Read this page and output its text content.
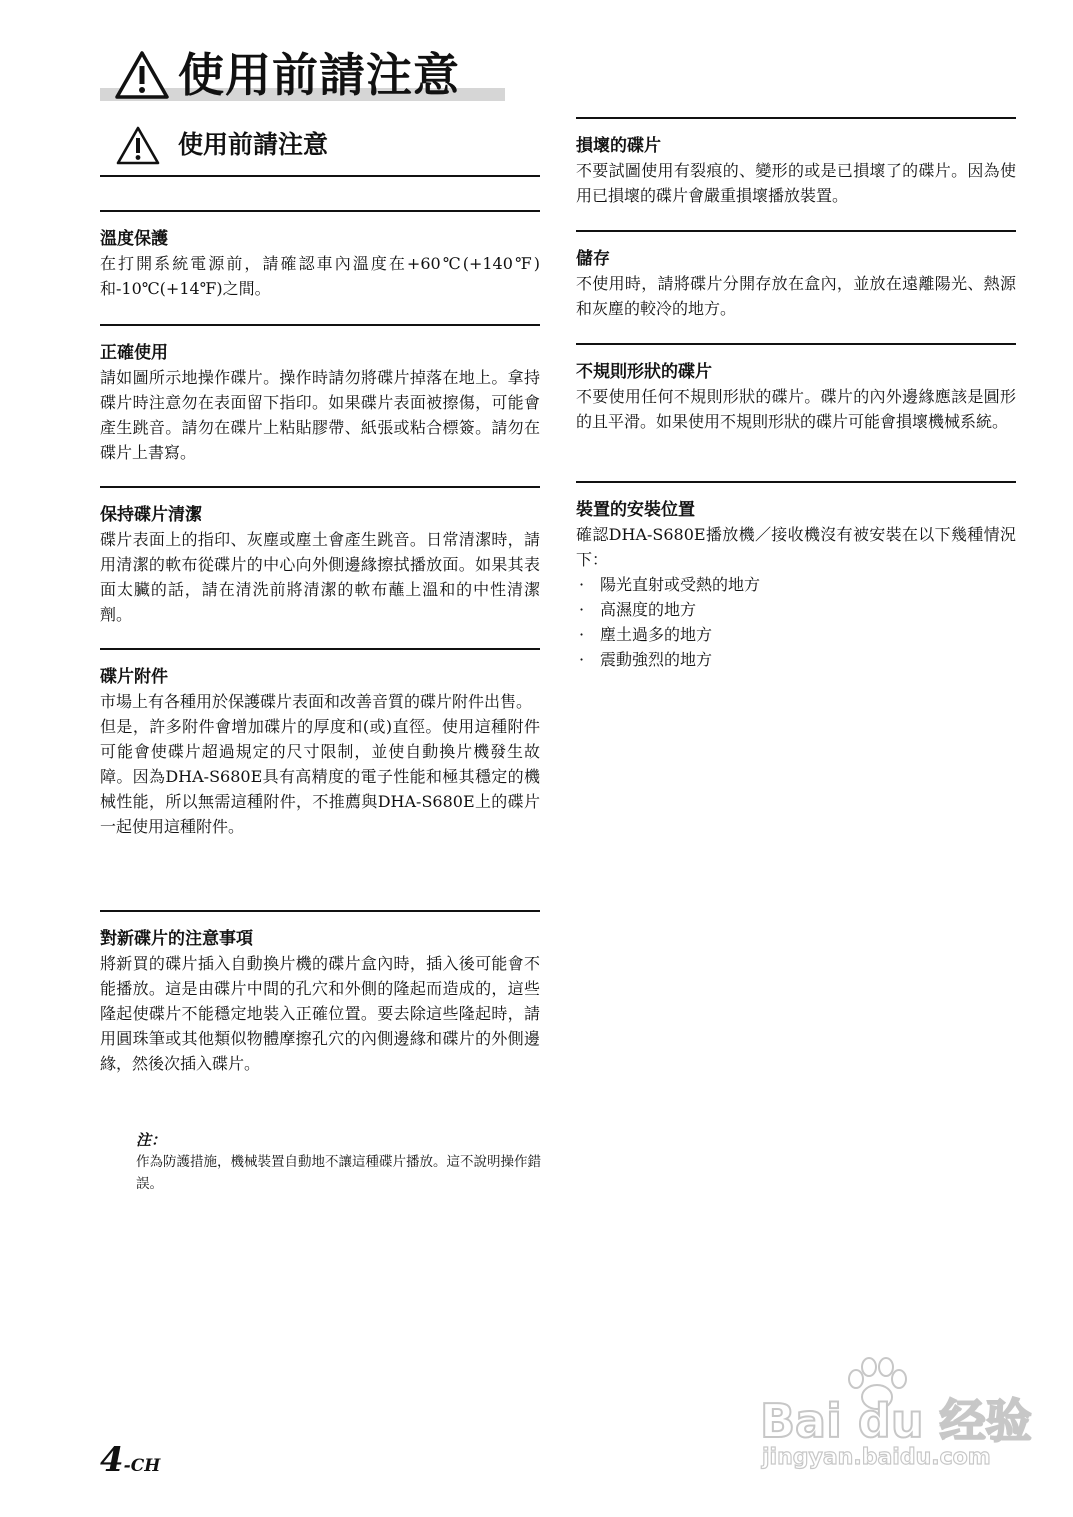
使用前請注意
使用前請注意

溫度保護

在打開系統電源前，請確認車內溫度在+60℃(+140℉)和-10℃(+14℉)之間。

正確使用

請如圖所示地操作碟片。操作時請勿將碟片掉落在地上。拿持碟片時注意勿在表面留下指印。如果碟片表面被擦傷，可能會產生跳音。請勿在碟片上粘貼膠帶、紙張或粘合標簽。請勿在碟片上書寫。

保持碟片清潔

碟片表面上的指印、灰塵或塵土會產生跳音。日常清潔時，請用清潔的軟布從碟片的中心向外側邊緣擦拭播放面。如果其表面太臟的話，請在清洗前將清潔的軟布蘸上溫和的中性清潔劑。

碟片附件

市場上有各種用於保護碟片表面和改善音質的碟片附件出售。

但是，許多附件會增加碟片的厚度和(或)直徑。使用這種附件可能會使碟片超過規定的尺寸限制，並使自動換片機發生故障。因為DHA-S680E具有高精度的電子性能和極其穩定的機械性能，所以無需這種附件，不推薦與DHA-S680E上的碟片一起使用這種附件。

對新碟片的注意事項

將新買的碟片插入自動換片機的碟片盒內時，插入後可能會不能播放。這是由碟片中間的孔穴和外側的隆起而造成的，這些隆起使碟片不能穩定地裝入正確位置。要去除這些隆起時，請用圓珠筆或其他類似物體摩擦孔穴的內側邊緣和碟片的外側邊緣，然後次插入碟片。

注：

作為防護措施，機械裝置自動地不讓這種碟片播放。這不說明操作錯誤。

損壞的碟片

不要試圖使用有裂痕的、變形的或是已損壞了的碟片。因為使用已損壞的碟片會嚴重損壞播放裝置。

儲存

不使用時，請將碟片分開存放在盒內，並放在遠離陽光、熱源和灰塵的較冷的地方。

不規則形狀的碟片

不要使用任何不規則形狀的碟片。碟片的內外邊緣應該是圓形的且平滑。如果使用不規則形狀的碟片可能會損壞機械系統。

裝置的安裝位置

確認DHA-S680E播放機／接收機沒有被安裝在以下幾種情況下：

· 陽光直射或受熱的地方
· 高濕度的地方
· 塵土過多的地方
· 震動強烈的地方
4-CH
Bai du 经验
jingyan.baidu.com
